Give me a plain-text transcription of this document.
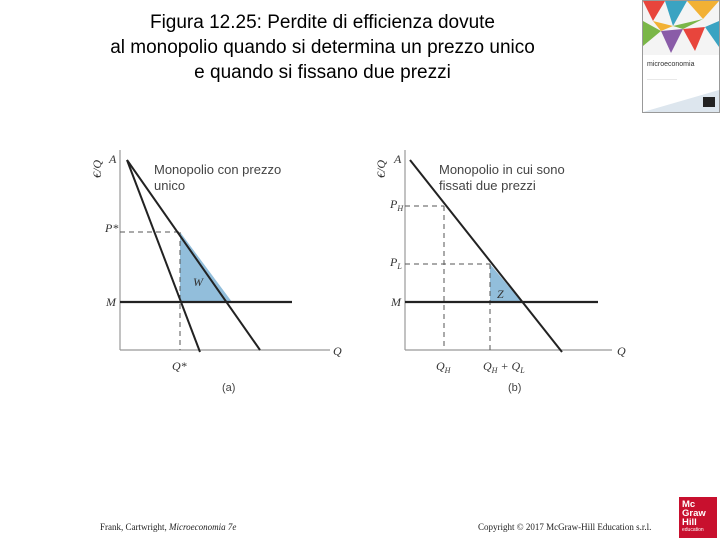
Figura 12.25: Perdite di efficienza dovute
al monopolio quando si determina un prezzo unico
e quando si fissano due prezzi	microeconomia
——————————
€/Q
A
P*
M
Q*
Q
W
Monopolio con prezzo
unico
(a)
€/Q
A
$P_H$
$P_L$
M
$Q_H$	$Q_H + Q_L$
Q
Z
Monopolio in cui sono
fissati due prezzi
(b)
Frank, Cartwright, Microeconomia 7e	Copyright © 2017 McGraw-Hill Education s.r.l.
Mc
Graw
Hill
education
